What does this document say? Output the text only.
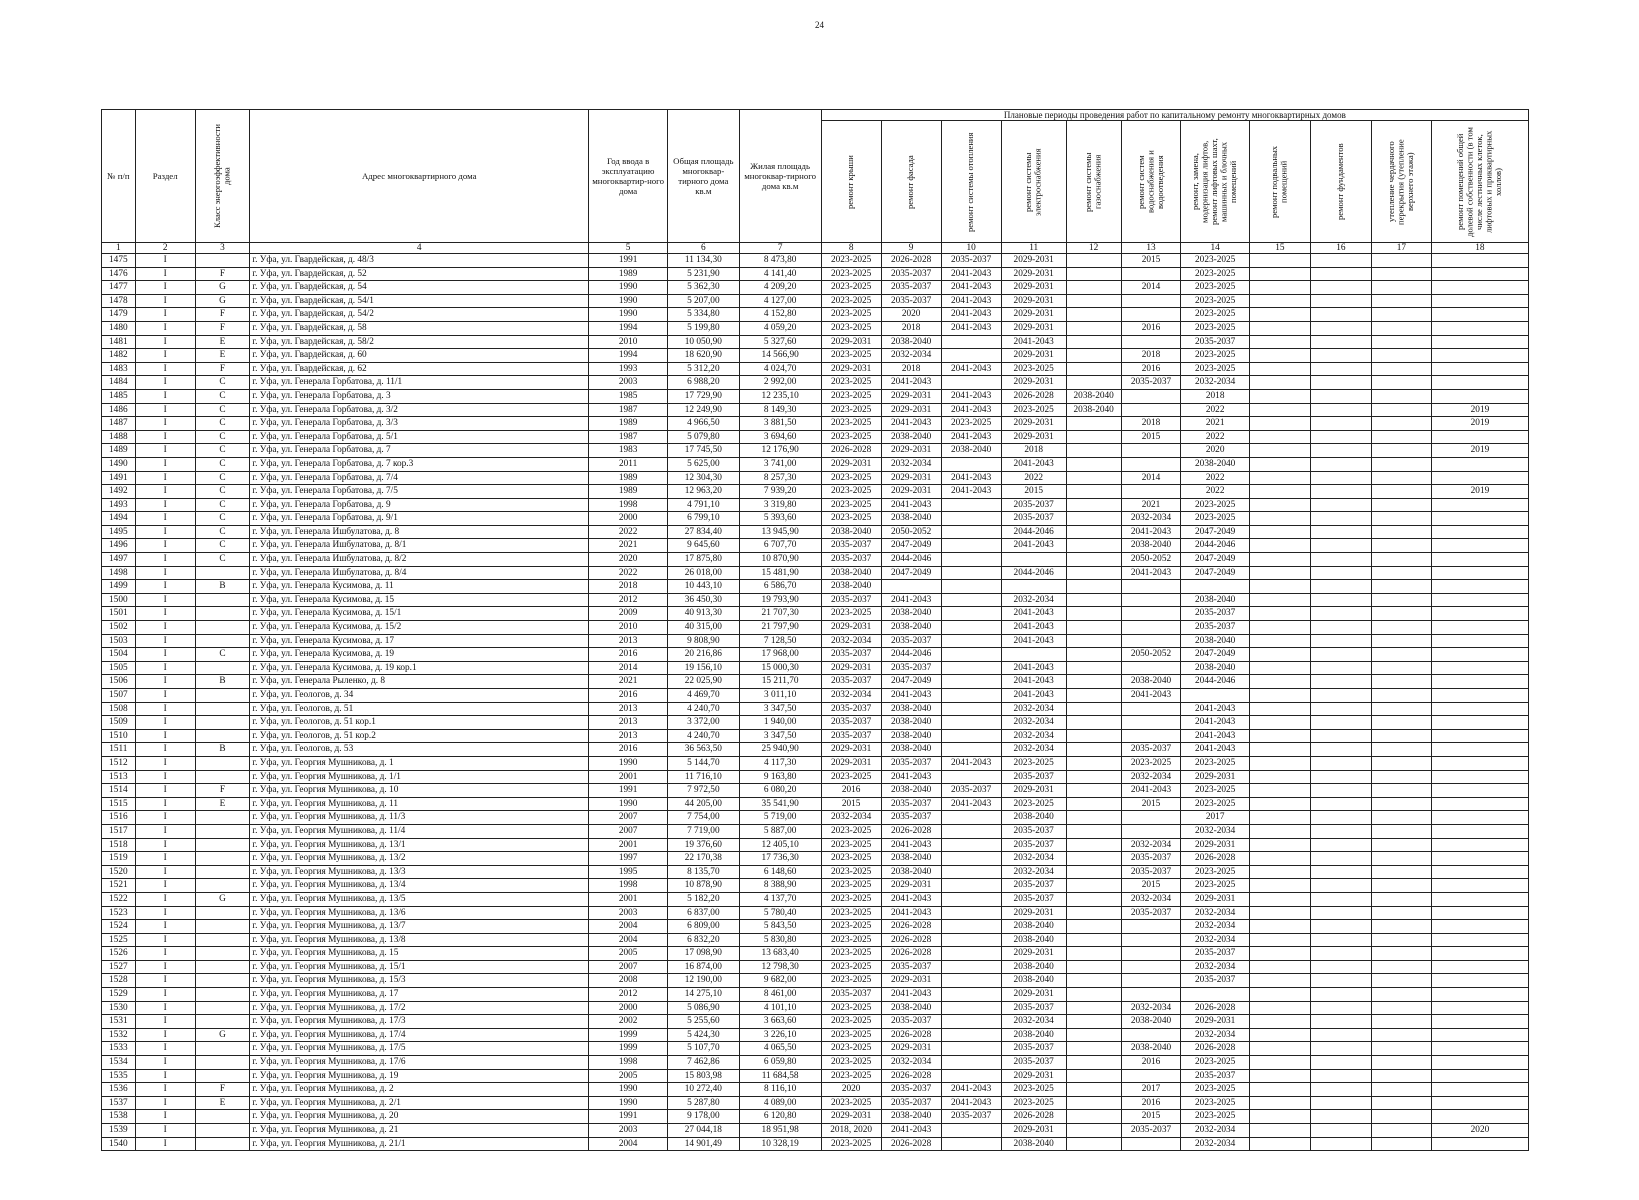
24
№ п/п	Раздел	Класс энергоэффективности дома	Адрес многоквартирного дома	Год ввода в эксплуатацию многоквартир-ного дома	Общая площадь многоквар-тирного дома кв.м	Жилая площадь многоквар-тирного дома кв.м	Плановые периоды проведения работ по капитальному ремонту многоквартирных домов										

ремонт крыши	ремонт фасада	ремонт системы отопления	ремонт системы электроснабжения	ремонт системы газоснабжения	ремонт систем водоснабжения и водоотведения	ремонт, замена, модернизация лифтов, ремонт лифтовых шахт, машинных и блочных помещений	ремонт подвальных помещений	ремонт фундаментов	утепление чердачного перекрытия (утепление верхнего этажа)	ремонт помещений общей долевой собственности (в том числе лестничных клеток, лифтовых и приквартирных холлов)

1	2	3	4	5	6	7	8	9	10	11	12	13	14	15	16	17	18
1475	I		г. Уфа, ул. Гвардейская, д. 48/3	1991	11 134,30	8 473,80	2023-2025	2026-2028	2035-2037	2029-2031		2015	2023-2025				
1476	I	F	г. Уфа, ул. Гвардейская, д. 52	1989	5 231,90	4 141,40	2023-2025	2035-2037	2041-2043	2029-2031			2023-2025				
1477	I	G	г. Уфа, ул. Гвардейская, д. 54	1990	5 362,30	4 209,20	2023-2025	2035-2037	2041-2043	2029-2031		2014	2023-2025				
1478	I	G	г. Уфа, ул. Гвардейская, д. 54/1	1990	5 207,00	4 127,00	2023-2025	2035-2037	2041-2043	2029-2031			2023-2025				
1479	I	F	г. Уфа, ул. Гвардейская, д. 54/2	1990	5 334,80	4 152,80	2023-2025	2020	2041-2043	2029-2031			2023-2025				
1480	I	F	г. Уфа, ул. Гвардейская, д. 58	1994	5 199,80	4 059,20	2023-2025	2018	2041-2043	2029-2031		2016	2023-2025				
1481	I	E	г. Уфа, ул. Гвардейская, д. 58/2	2010	10 050,90	5 327,60	2029-2031	2038-2040		2041-2043			2035-2037				
1482	I	E	г. Уфа, ул. Гвардейская, д. 60	1994	18 620,90	14 566,90	2023-2025	2032-2034		2029-2031		2018	2023-2025				
1483	I	F	г. Уфа, ул. Гвардейская, д. 62	1993	5 312,20	4 024,70	2029-2031	2018	2041-2043	2023-2025		2016	2023-2025				
1484	I	C	г. Уфа, ул. Генерала Горбатова, д. 11/1	2003	6 988,20	2 992,00	2023-2025	2041-2043		2029-2031		2035-2037	2032-2034				
1485	I	C	г. Уфа, ул. Генерала Горбатова, д. 3	1985	17 729,90	12 235,10	2023-2025	2029-2031	2041-2043	2026-2028	2038-2040		2018				
1486	I	C	г. Уфа, ул. Генерала Горбатова, д. 3/2	1987	12 249,90	8 149,30	2023-2025	2029-2031	2041-2043	2023-2025	2038-2040		2022				2019
1487	I	C	г. Уфа, ул. Генерала Горбатова, д. 3/3	1989	4 966,50	3 881,50	2023-2025	2041-2043	2023-2025	2029-2031		2018	2021				2019
1488	I	C	г. Уфа, ул. Генерала Горбатова, д. 5/1	1987	5 079,80	3 694,60	2023-2025	2038-2040	2041-2043	2029-2031		2015	2022				
1489	I	C	г. Уфа, ул. Генерала Горбатова, д. 7	1983	17 745,50	12 176,90	2026-2028	2029-2031	2038-2040	2018			2020				2019
1490	I	C	г. Уфа, ул. Генерала Горбатова, д. 7 кор.3	2011	5 625,00	3 741,00	2029-2031	2032-2034		2041-2043			2038-2040				
1491	I	C	г. Уфа, ул. Генерала Горбатова, д. 7/4	1989	12 304,30	8 257,30	2023-2025	2029-2031	2041-2043	2022		2014	2022				
1492	I	C	г. Уфа, ул. Генерала Горбатова, д. 7/5	1989	12 963,20	7 939,20	2023-2025	2029-2031	2041-2043	2015			2022				2019
1493	I	C	г. Уфа, ул. Генерала Горбатова, д. 9	1998	4 791,10	3 319,80	2023-2025	2041-2043		2035-2037		2021	2023-2025				
1494	I	C	г. Уфа, ул. Генерала Горбатова, д. 9/1	2000	6 799,10	5 393,60	2023-2025	2038-2040		2035-2037		2032-2034	2023-2025				
1495	I	C	г. Уфа, ул. Генерала Ишбулатова, д. 8	2022	27 834,40	13 945,90	2038-2040	2050-2052		2044-2046		2041-2043	2047-2049				
1496	I	C	г. Уфа, ул. Генерала Ишбулатова, д. 8/1	2021	9 645,60	6 707,70	2035-2037	2047-2049		2041-2043		2038-2040	2044-2046				
1497	I	C	г. Уфа, ул. Генерала Ишбулатова, д. 8/2	2020	17 875,80	10 870,90	2035-2037	2044-2046				2050-2052	2047-2049				
1498	I		г. Уфа, ул. Генерала Ишбулатова, д. 8/4	2022	26 018,00	15 481,90	2038-2040	2047-2049		2044-2046		2041-2043	2047-2049				
1499	I	B	г. Уфа, ул. Генерала Кусимова, д. 11	2018	10 443,10	6 586,70	2038-2040										
1500	I		г. Уфа, ул. Генерала Кусимова, д. 15	2012	36 450,30	19 793,90	2035-2037	2041-2043		2032-2034			2038-2040				
1501	I		г. Уфа, ул. Генерала Кусимова, д. 15/1	2009	40 913,30	21 707,30	2023-2025	2038-2040		2041-2043			2035-2037				
1502	I		г. Уфа, ул. Генерала Кусимова, д. 15/2	2010	40 315,00	21 797,90	2029-2031	2038-2040		2041-2043			2035-2037				
1503	I		г. Уфа, ул. Генерала Кусимова, д. 17	2013	9 808,90	7 128,50	2032-2034	2035-2037		2041-2043			2038-2040				
1504	I	C	г. Уфа, ул. Генерала Кусимова, д. 19	2016	20 216,86	17 968,00	2035-2037	2044-2046				2050-2052	2047-2049				
1505	I		г. Уфа, ул. Генерала Кусимова, д. 19 кор.1	2014	19 156,10	15 000,30	2029-2031	2035-2037		2041-2043			2038-2040				
1506	I	B	г. Уфа, ул. Генерала Рыленко, д. 8	2021	22 025,90	15 211,70	2035-2037	2047-2049		2041-2043		2038-2040	2044-2046				
1507	I		г. Уфа, ул. Геологов, д. 34	2016	4 469,70	3 011,10	2032-2034	2041-2043		2041-2043		2041-2043					
1508	I		г. Уфа, ул. Геологов, д. 51	2013	4 240,70	3 347,50	2035-2037	2038-2040		2032-2034			2041-2043				
1509	I		г. Уфа, ул. Геологов, д. 51 кор.1	2013	3 372,00	1 940,00	2035-2037	2038-2040		2032-2034			2041-2043				
1510	I		г. Уфа, ул. Геологов, д. 51 кор.2	2013	4 240,70	3 347,50	2035-2037	2038-2040		2032-2034			2041-2043				
1511	I	B	г. Уфа, ул. Геологов, д. 53	2016	36 563,50	25 940,90	2029-2031	2038-2040		2032-2034		2035-2037	2041-2043				
1512	I		г. Уфа, ул. Георгия Мушникова, д. 1	1990	5 144,70	4 117,30	2029-2031	2035-2037	2041-2043	2023-2025		2023-2025	2023-2025				
1513	I		г. Уфа, ул. Георгия Мушникова, д. 1/1	2001	11 716,10	9 163,80	2023-2025	2041-2043		2035-2037		2032-2034	2029-2031				
1514	I	F	г. Уфа, ул. Георгия Мушникова, д. 10	1991	7 972,50	6 080,20	2016	2038-2040	2035-2037	2029-2031		2041-2043	2023-2025				
1515	I	E	г. Уфа, ул. Георгия Мушникова, д. 11	1990	44 205,00	35 541,90	2015	2035-2037	2041-2043	2023-2025		2015	2023-2025				
1516	I		г. Уфа, ул. Георгия Мушникова, д. 11/3	2007	7 754,00	5 719,00	2032-2034	2035-2037		2038-2040			2017				
1517	I		г. Уфа, ул. Георгия Мушникова, д. 11/4	2007	7 719,00	5 887,00	2023-2025	2026-2028		2035-2037			2032-2034				
1518	I		г. Уфа, ул. Георгия Мушникова, д. 13/1	2001	19 376,60	12 405,10	2023-2025	2041-2043		2035-2037		2032-2034	2029-2031				
1519	I		г. Уфа, ул. Георгия Мушникова, д. 13/2	1997	22 170,38	17 736,30	2023-2025	2038-2040		2032-2034		2035-2037	2026-2028				
1520	I		г. Уфа, ул. Георгия Мушникова, д. 13/3	1995	8 135,70	6 148,60	2023-2025	2038-2040		2032-2034		2035-2037	2023-2025				
1521	I		г. Уфа, ул. Георгия Мушникова, д. 13/4	1998	10 878,90	8 388,90	2023-2025	2029-2031		2035-2037		2015	2023-2025				
1522	I	G	г. Уфа, ул. Георгия Мушникова, д. 13/5	2001	5 182,20	4 137,70	2023-2025	2041-2043		2035-2037		2032-2034	2029-2031				
1523	I		г. Уфа, ул. Георгия Мушникова, д. 13/6	2003	6 837,00	5 780,40	2023-2025	2041-2043		2029-2031		2035-2037	2032-2034				
1524	I		г. Уфа, ул. Георгия Мушникова, д. 13/7	2004	6 809,00	5 843,50	2023-2025	2026-2028		2038-2040			2032-2034				
1525	I		г. Уфа, ул. Георгия Мушникова, д. 13/8	2004	6 832,20	5 830,80	2023-2025	2026-2028		2038-2040			2032-2034				
1526	I		г. Уфа, ул. Георгия Мушникова, д. 15	2005	17 098,90	13 683,40	2023-2025	2026-2028		2029-2031			2035-2037				
1527	I		г. Уфа, ул. Георгия Мушникова, д. 15/1	2007	16 874,00	12 798,30	2023-2025	2035-2037		2038-2040			2032-2034				
1528	I		г. Уфа, ул. Георгия Мушникова, д. 15/3	2008	12 190,00	9 682,00	2023-2025	2029-2031		2038-2040			2035-2037				
1529	I		г. Уфа, ул. Георгия Мушникова, д. 17	2012	14 275,10	8 461,00	2035-2037	2041-2043		2029-2031							
1530	I		г. Уфа, ул. Георгия Мушникова, д. 17/2	2000	5 086,90	4 101,10	2023-2025	2038-2040		2035-2037		2032-2034	2026-2028				
1531	I		г. Уфа, ул. Георгия Мушникова, д. 17/3	2002	5 255,60	3 663,60	2023-2025	2035-2037		2032-2034		2038-2040	2029-2031				
1532	I	G	г. Уфа, ул. Георгия Мушникова, д. 17/4	1999	5 424,30	3 226,10	2023-2025	2026-2028		2038-2040			2032-2034				
1533	I		г. Уфа, ул. Георгия Мушникова, д. 17/5	1999	5 107,70	4 065,50	2023-2025	2029-2031		2035-2037		2038-2040	2026-2028				
1534	I		г. Уфа, ул. Георгия Мушникова, д. 17/6	1998	7 462,86	6 059,80	2023-2025	2032-2034		2035-2037		2016	2023-2025				
1535	I		г. Уфа, ул. Георгия Мушникова, д. 19	2005	15 803,98	11 684,58	2023-2025	2026-2028		2029-2031			2035-2037				
1536	I	F	г. Уфа, ул. Георгия Мушникова, д. 2	1990	10 272,40	8 116,10	2020	2035-2037	2041-2043	2023-2025		2017	2023-2025				
1537	I	E	г. Уфа, ул. Георгия Мушникова, д. 2/1	1990	5 287,80	4 089,00	2023-2025	2035-2037	2041-2043	2023-2025		2016	2023-2025				
1538	I		г. Уфа, ул. Георгия Мушникова, д. 20	1991	9 178,00	6 120,80	2029-2031	2038-2040	2035-2037	2026-2028		2015	2023-2025				
1539	I		г. Уфа, ул. Георгия Мушникова, д. 21	2003	27 044,18	18 951,98	2018, 2020	2041-2043		2029-2031		2035-2037	2032-2034				2020
1540	I		г. Уфа, ул. Георгия Мушникова, д. 21/1	2004	14 901,49	10 328,19	2023-2025	2026-2028		2038-2040			2032-2034				
